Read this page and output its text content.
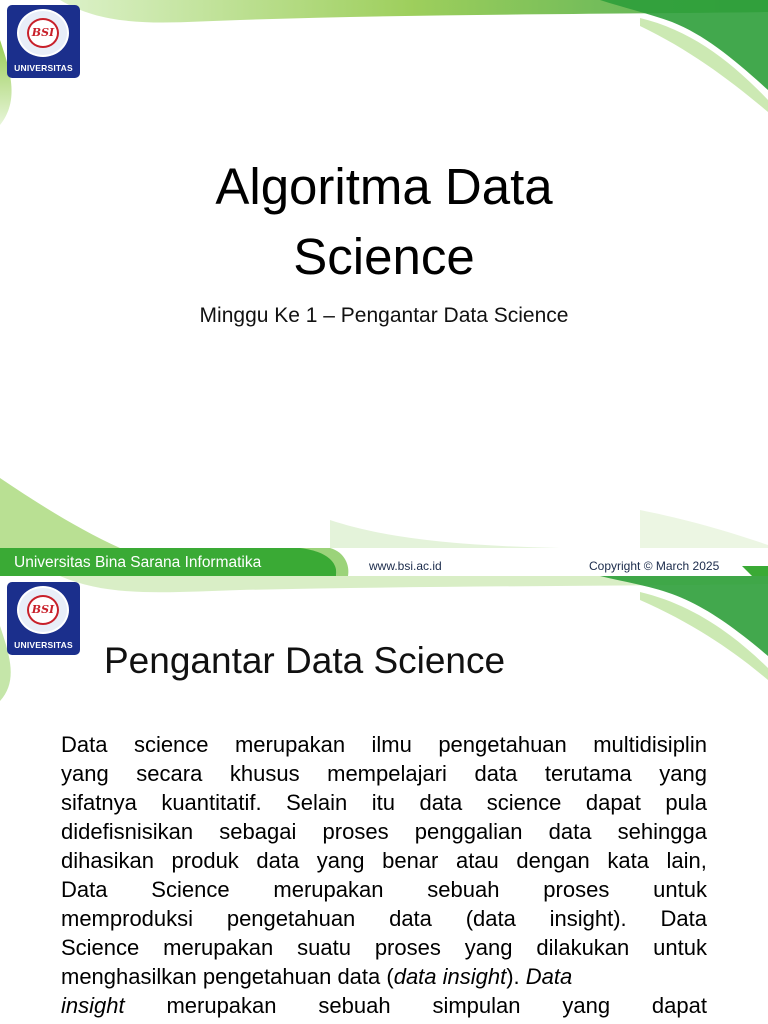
BSI
UNIVERSITAS
Algoritma Data
Science
Minggu Ke 1 – Pengantar Data Science
Universitas Bina Sarana Informatika	www.bsi.ac.id	Copyright © March 2025
BSI
UNIVERSITAS Pengantar Data Science
Data science merupakan ilmu pengetahuan multidisiplin
yang secara khusus mempelajari data terutama yang
sifatnya kuantitatif. Selain itu data science dapat pula
didefisnisikan sebagai proses penggalian data sehingga
dihasikan produk data yang benar atau dengan kata lain,
Data Science merupakan sebuah proses untuk
memproduksi pengetahuan data (data insight). Data
Science merupakan suatu proses yang dilakukan untuk
menghasilkan pengetahuan data ( data insight ). Data
insight merupakan sebuah simpulan yang dapat
